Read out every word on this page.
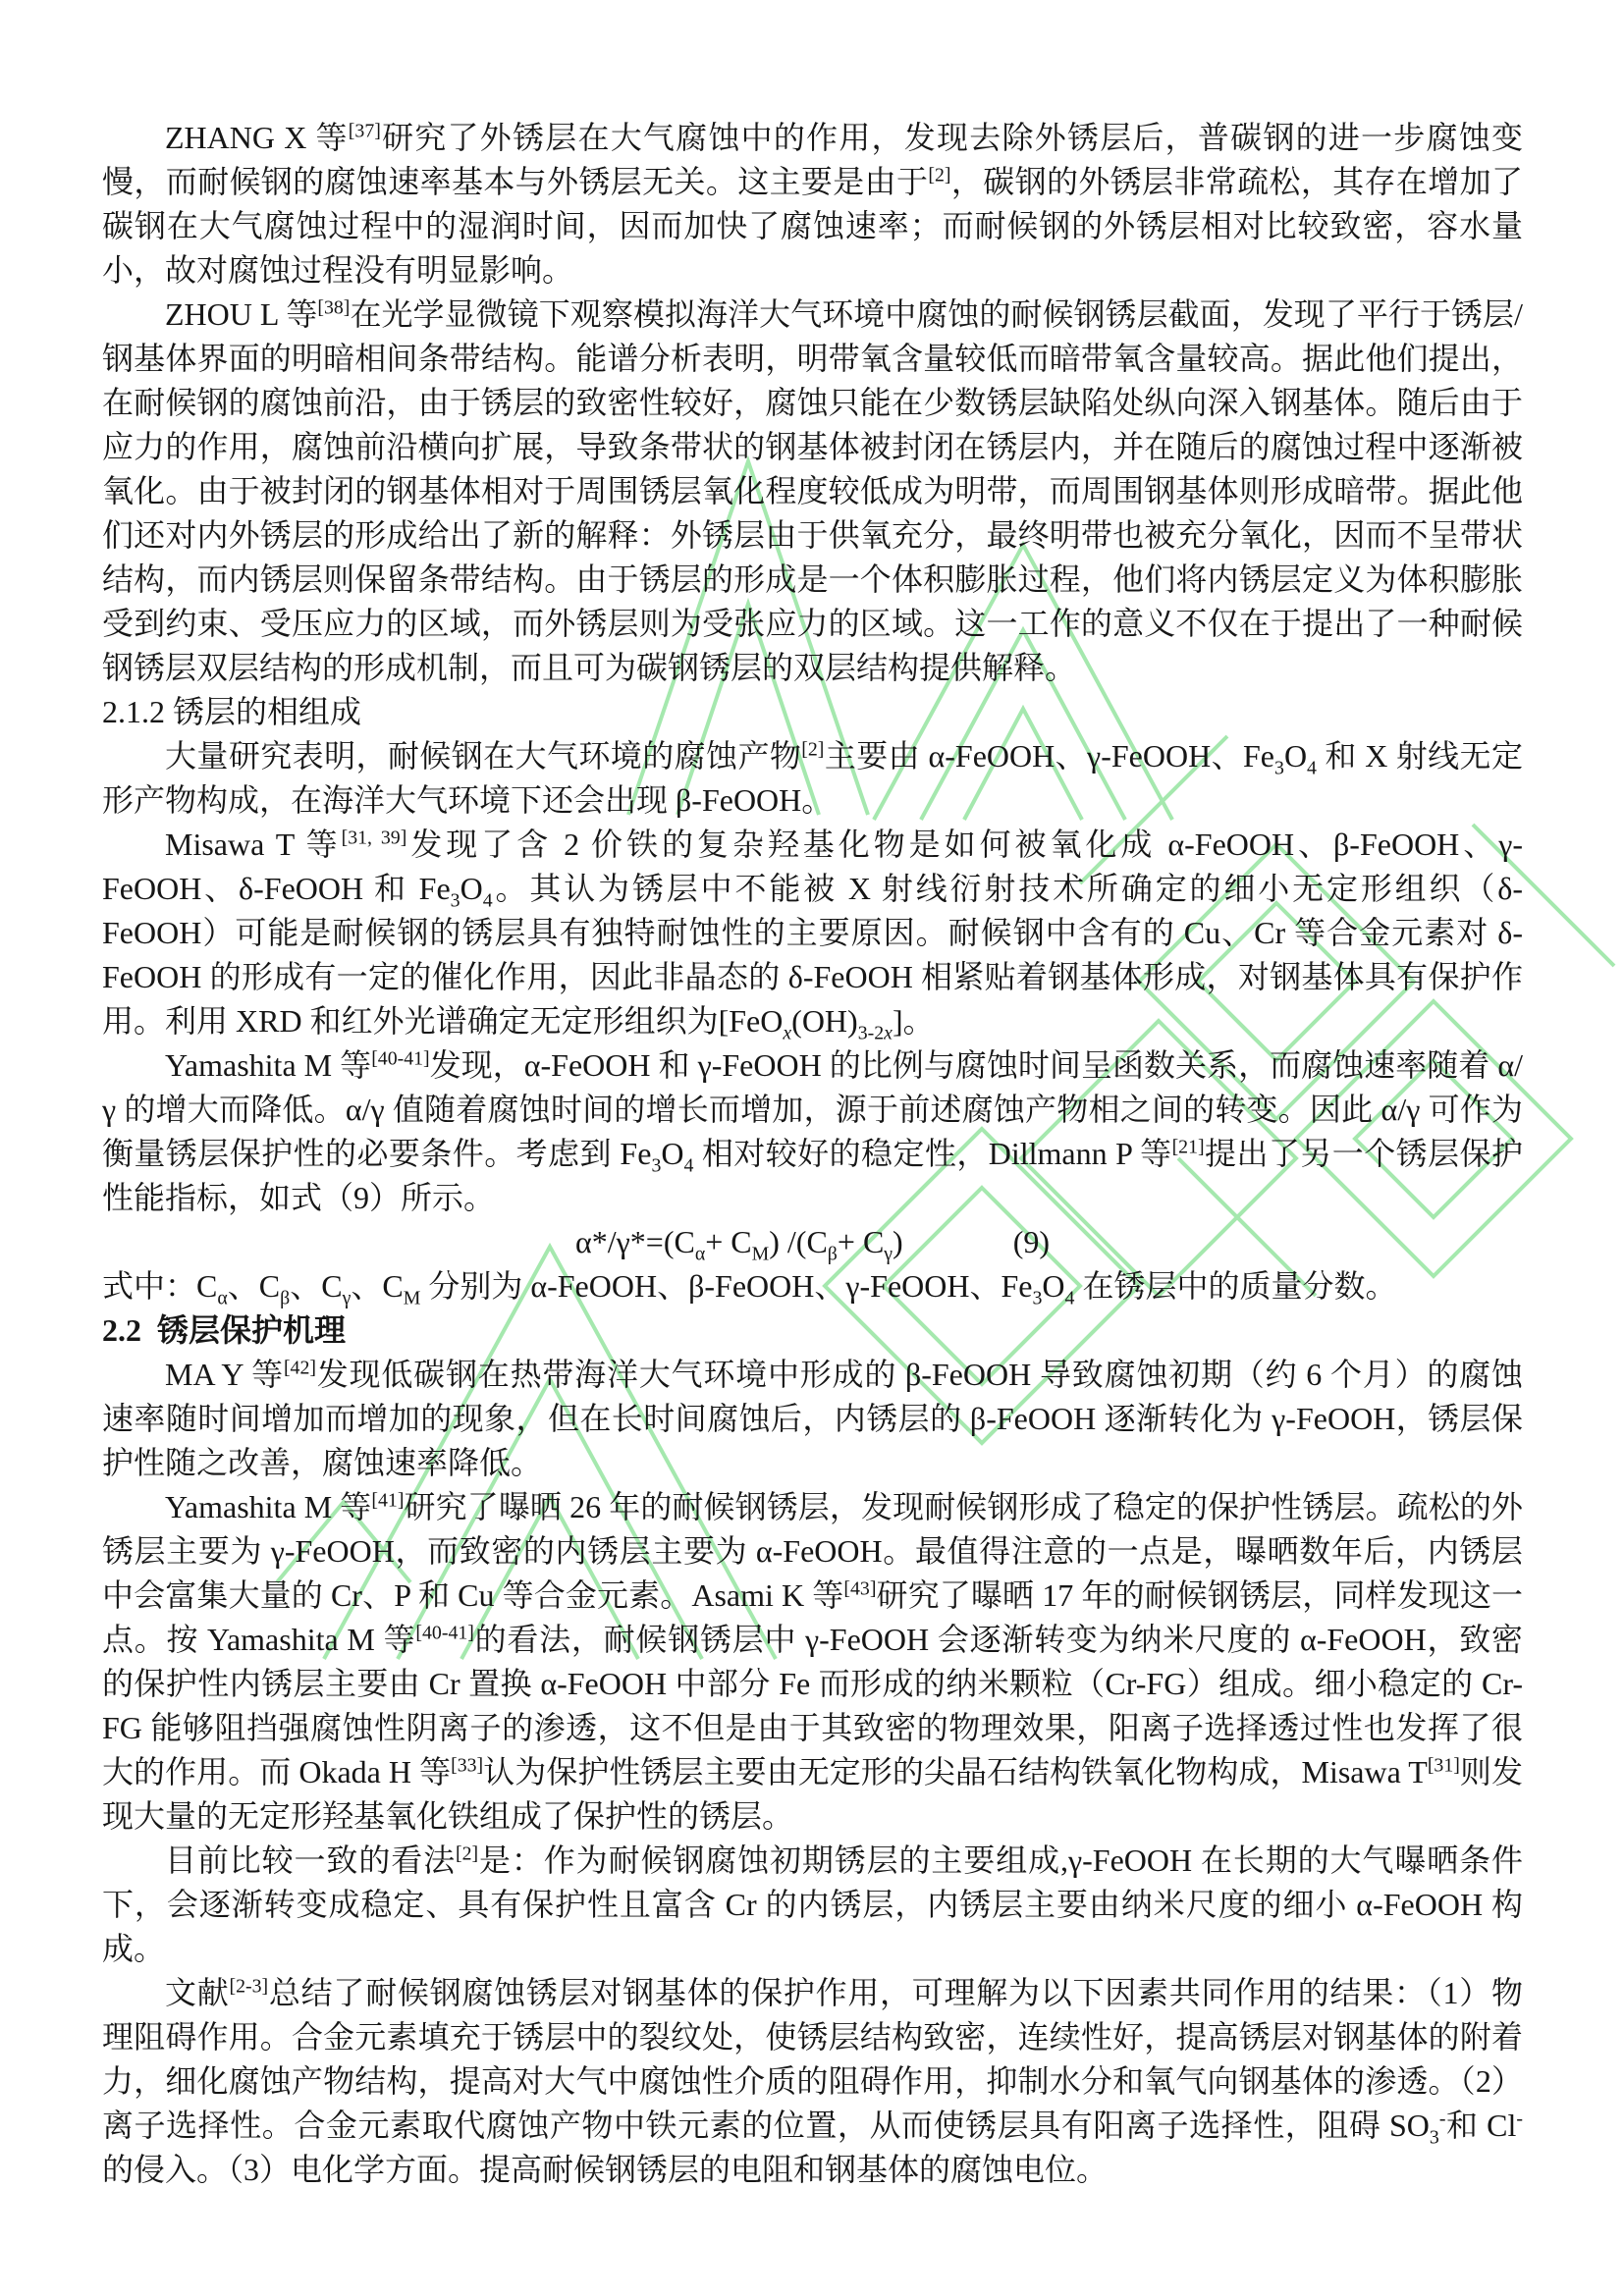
ZHANG X 等[37]研究了外锈层在大气腐蚀中的作用，发现去除外锈层后，普碳钢的进一步腐蚀变慢，而耐候钢的腐蚀速率基本与外锈层无关。这主要是由于[2]，碳钢的外锈层非常疏松，其存在增加了碳钢在大气腐蚀过程中的湿润时间，因而加快了腐蚀速率；而耐候钢的外锈层相对比较致密，容水量小，故对腐蚀过程没有明显影响。
ZHOU L 等[38]在光学显微镜下观察模拟海洋大气环境中腐蚀的耐候钢锈层截面，发现了平行于锈层/钢基体界面的明暗相间条带结构。能谱分析表明，明带氧含量较低而暗带氧含量较高。据此他们提出，在耐候钢的腐蚀前沿，由于锈层的致密性较好，腐蚀只能在少数锈层缺陷处纵向深入钢基体。随后由于应力的作用，腐蚀前沿横向扩展，导致条带状的钢基体被封闭在锈层内，并在随后的腐蚀过程中逐渐被氧化。由于被封闭的钢基体相对于周围锈层氧化程度较低成为明带，而周围钢基体则形成暗带。据此他们还对内外锈层的形成给出了新的解释：外锈层由于供氧充分，最终明带也被充分氧化，因而不呈带状结构，而内锈层则保留条带结构。由于锈层的形成是一个体积膨胀过程，他们将内锈层定义为体积膨胀受到约束、受压应力的区域，而外锈层则为受张应力的区域。这一工作的意义不仅在于提出了一种耐候钢锈层双层结构的形成机制，而且可为碳钢锈层的双层结构提供解释。
2.1.2 锈层的相组成
大量研究表明，耐候钢在大气环境的腐蚀产物[2]主要由 α-FeOOH、γ-FeOOH、$Fe_3O_4$ 和 X 射线无定形产物构成，在海洋大气环境下还会出现 β-FeOOH。
Misawa T 等[31, 39]发现了含 2 价铁的复杂羟基化物是如何被氧化成 α-FeOOH、β-FeOOH、γ-FeOOH、δ-FeOOH 和 $Fe_3O_4$。其认为锈层中不能被 X 射线衍射技术所确定的细小无定形组织（δ-FeOOH）可能是耐候钢的锈层具有独特耐蚀性的主要原因。耐候钢中含有的 Cu、Cr 等合金元素对 δ-FeOOH 的形成有一定的催化作用，因此非晶态的 δ-FeOOH 相紧贴着钢基体形成，对钢基体具有保护作用。利用 XRD 和红外光谱确定无定形组织为$[FeO_x(OH)_{3-2x}]$。
Yamashita M 等[40-41]发现，α-FeOOH 和 γ-FeOOH 的比例与腐蚀时间呈函数关系，而腐蚀速率随着 α/γ 的增大而降低。α/γ 值随着腐蚀时间的增长而增加，源于前述腐蚀产物相之间的转变。因此 α/γ 可作为衡量锈层保护性的必要条件。考虑到 $Fe_3O_4$ 相对较好的稳定性，Dillmann P 等[21]提出了另一个锈层保护性能指标，如式（9）所示。
$\alpha*/\gamma*=(C_\alpha+ C_M)$ $/(C_\beta+ C_\gamma)$	(9)
式中：$C_\alpha$、$C_\beta$、$C_\gamma$、$C_M$ 分别为 α-FeOOH、β-FeOOH、γ-FeOOH、$Fe_3O_4$ 在锈层中的质量分数。
2.2  锈层保护机理
MA Y 等[42]发现低碳钢在热带海洋大气环境中形成的 β-FeOOH 导致腐蚀初期（约 6 个月）的腐蚀速率随时间增加而增加的现象，但在长时间腐蚀后，内锈层的 β-FeOOH 逐渐转化为 γ-FeOOH，锈层保护性随之改善，腐蚀速率降低。
Yamashita M 等[41]研究了曝晒 26 年的耐候钢锈层，发现耐候钢形成了稳定的保护性锈层。疏松的外锈层主要为 γ-FeOOH，而致密的内锈层主要为 α-FeOOH。最值得注意的一点是，曝晒数年后，内锈层中会富集大量的 Cr、P 和 Cu 等合金元素。Asami K 等[43]研究了曝晒 17 年的耐候钢锈层，同样发现这一点。按 Yamashita M 等[40-41]的看法，耐候钢锈层中 γ-FeOOH 会逐渐转变为纳米尺度的 α-FeOOH，致密的保护性内锈层主要由 Cr 置换 α-FeOOH 中部分 Fe 而形成的纳米颗粒（Cr-FG）组成。细小稳定的 Cr-FG 能够阻挡强腐蚀性阴离子的渗透，这不但是由于其致密的物理效果，阳离子选择透过性也发挥了很大的作用。而 Okada H 等[33]认为保护性锈层主要由无定形的尖晶石结构铁氧化物构成，Misawa T[31]则发现大量的无定形羟基氧化铁组成了保护性的锈层。
目前比较一致的看法[2]是：作为耐候钢腐蚀初期锈层的主要组成,γ-FeOOH 在长期的大气曝晒条件下，会逐渐转变成稳定、具有保护性且富含 Cr 的内锈层，内锈层主要由纳米尺度的细小 α-FeOOH 构成。
文献[2-3]总结了耐候钢腐蚀锈层对钢基体的保护作用，可理解为以下因素共同作用的结果：（1）物理阻碍作用。合金元素填充于锈层中的裂纹处，使锈层结构致密，连续性好，提高锈层对钢基体的附着力，细化腐蚀产物结构，提高对大气中腐蚀性介质的阻碍作用，抑制水分和氧气向钢基体的渗透。（2）离子选择性。合金元素取代腐蚀产物中铁元素的位置，从而使锈层具有阳离子选择性，阻碍 $SO_3^-$和 Cl-的侵入。（3）电化学方面。提高耐候钢锈层的电阻和钢基体的腐蚀电位。
